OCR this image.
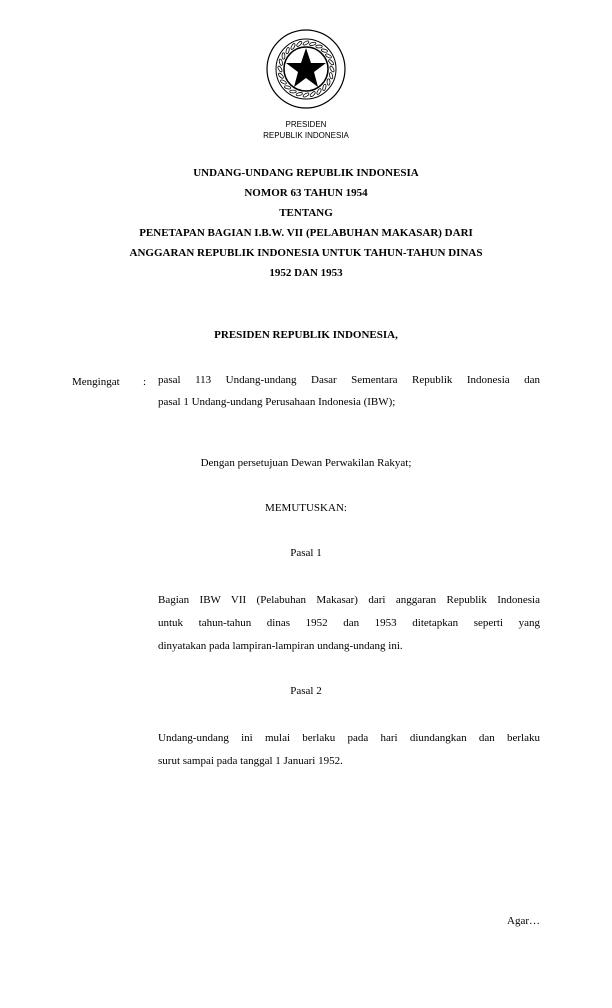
PRESIDEN
REPUBLIK INDONESIA
UNDANG-UNDANG REPUBLIK INDONESIA
NOMOR 63 TAHUN 1954
TENTANG
PENETAPAN BAGIAN I.B.W. VII (PELABUHAN MAKASAR) DARI
ANGGARAN REPUBLIK INDONESIA UNTUK TAHUN-TAHUN DINAS
1952 DAN 1953
PRESIDEN REPUBLIK INDONESIA,
Mengingat : pasal 113 Undang-undang Dasar Sementara Republik Indonesia dan
pasal 1 Undang-undang Perusahaan Indonesia (IBW);
Dengan persetujuan Dewan Perwakilan Rakyat;
MEMUTUSKAN:
Pasal 1
Bagian IBW VII (Pelabuhan Makasar) dari anggaran Republik Indonesia
untuk tahun-tahun dinas 1952 dan 1953 ditetapkan seperti yang
dinyatakan pada lampiran-lampiran undang-undang ini.
Pasal 2
Undang-undang ini mulai berlaku pada hari diundangkan dan berlaku
surut sampai pada tanggal 1 Januari 1952.
Agar…
